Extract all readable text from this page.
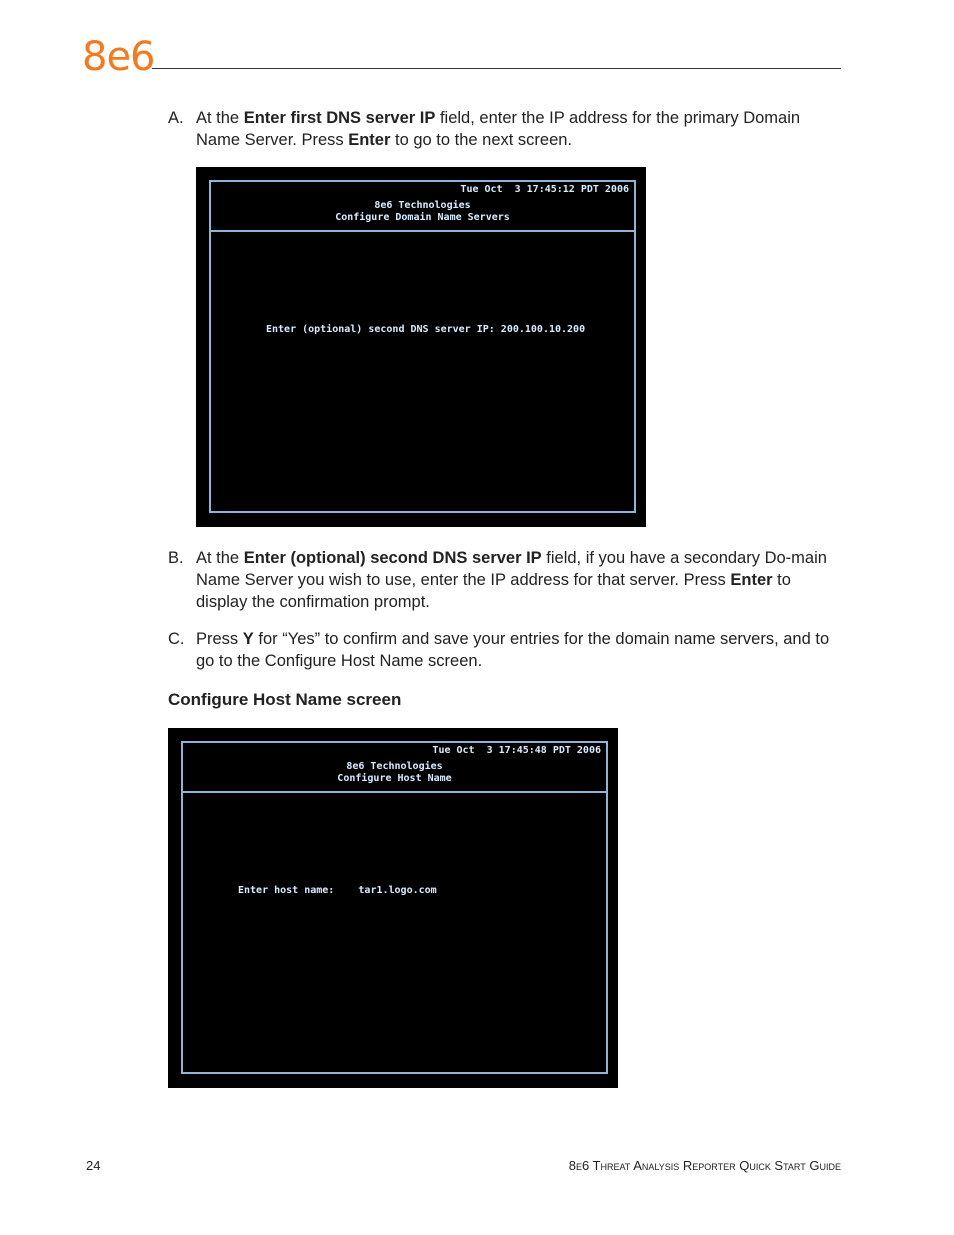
8e6
A. At the Enter first DNS server IP field, enter the IP address for the primary Domain Name Server. Press Enter to go to the next screen.
Tue Oct  3 17:45:12 PDT 2006
8e6 Technologies
Configure Domain Name Servers
Enter (optional) second DNS server IP: 200.100.10.200
B. At the Enter (optional) second DNS server IP field, if you have a secondary Do-main Name Server you wish to use, enter the IP address for that server. Press Enter to display the confirmation prompt.
C. Press Y for “Yes” to confirm and save your entries for the domain name servers, and to go to the Configure Host Name screen.
Configure Host Name screen
Tue Oct  3 17:45:48 PDT 2006
8e6 Technologies
Configure Host Name
Enter host name:    tar1.logo.com
24	8e6 Threat Analysis Reporter Quick Start Guide
